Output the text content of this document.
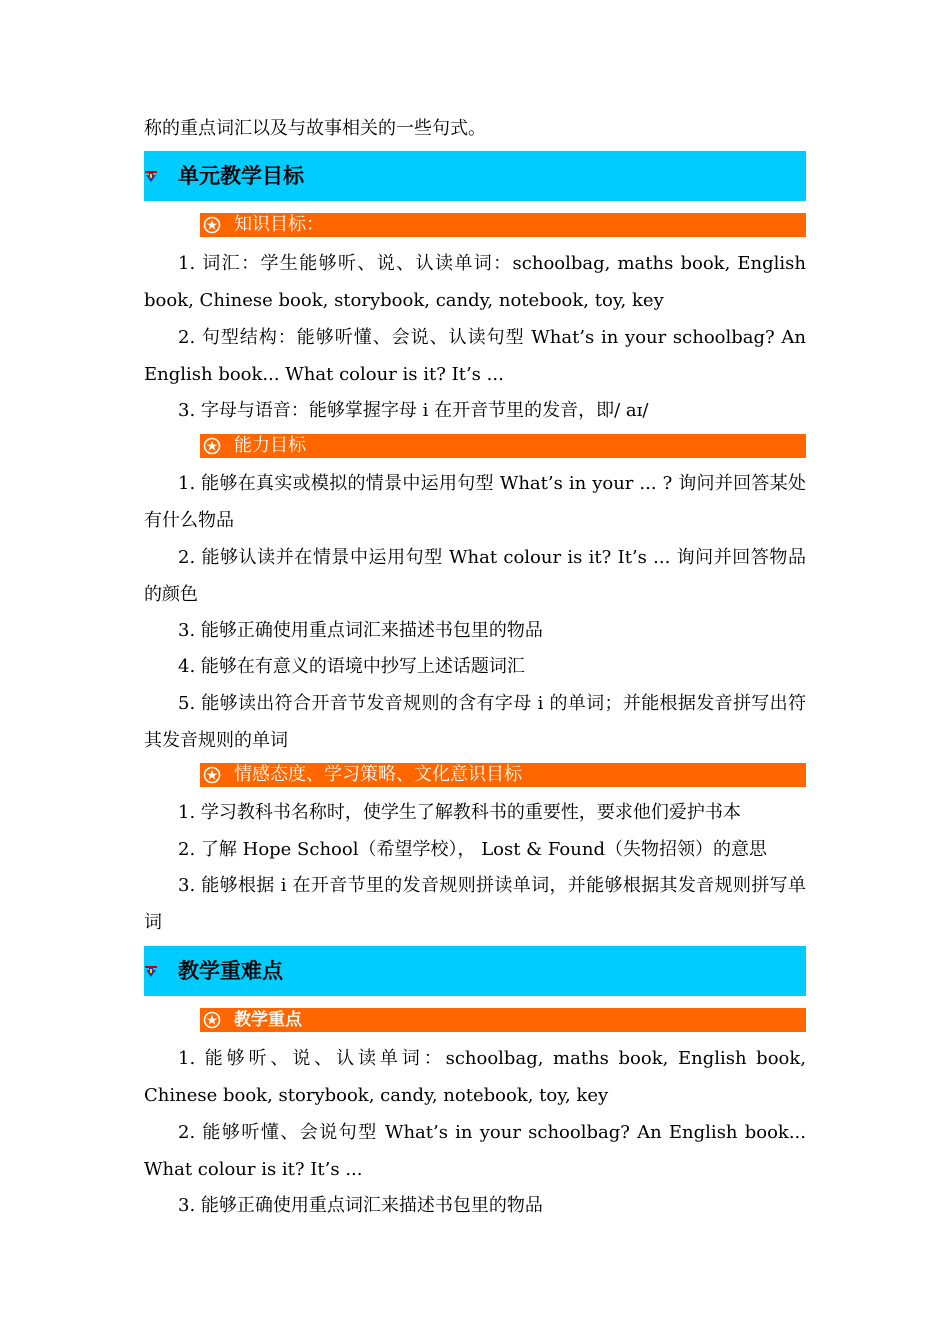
称的重点词汇以及与故事相关的一些句式。
单元教学目标
知识目标：
1. 词汇：学生能够听、说、认读单词：schoolbag, maths book, English book, Chinese book, storybook, candy, notebook, toy, key
2. 句型结构：能够听懂、会说、认读句型 What’s in your schoolbag? An English book... What colour is it? It’s ...
3. 字母与语音：能够掌握字母 i 在开音节里的发音，即/ aɪ/
能力目标
1. 能够在真实或模拟的情景中运用句型 What’s in your ... ? 询问并回答某处有什么物品
2. 能够认读并在情景中运用句型 What colour is it? It’s ... 询问并回答物品的颜色
3. 能够正确使用重点词汇来描述书包里的物品
4. 能够在有意义的语境中抄写上述话题词汇
5. 能够读出符合开音节发音规则的含有字母 i 的单词；并能根据发音拼写出符其发音规则的单词
情感态度、学习策略、文化意识目标
1. 学习教科书名称时，使学生了解教科书的重要性，要求他们爱护书本
2. 了解 Hope School（希望学校）， Lost & Found（失物招领）的意思
3. 能够根据 i 在开音节里的发音规则拼读单词，并能够根据其发音规则拼写单词
教学重难点
教学重点
1. 能够听、说、认读单词：schoolbag, maths book, English book, Chinese book, storybook, candy, notebook, toy, key
2. 能够听懂、会说句型 What’s in your schoolbag? An English book... What colour is it? It’s ...
3. 能够正确使用重点词汇来描述书包里的物品
